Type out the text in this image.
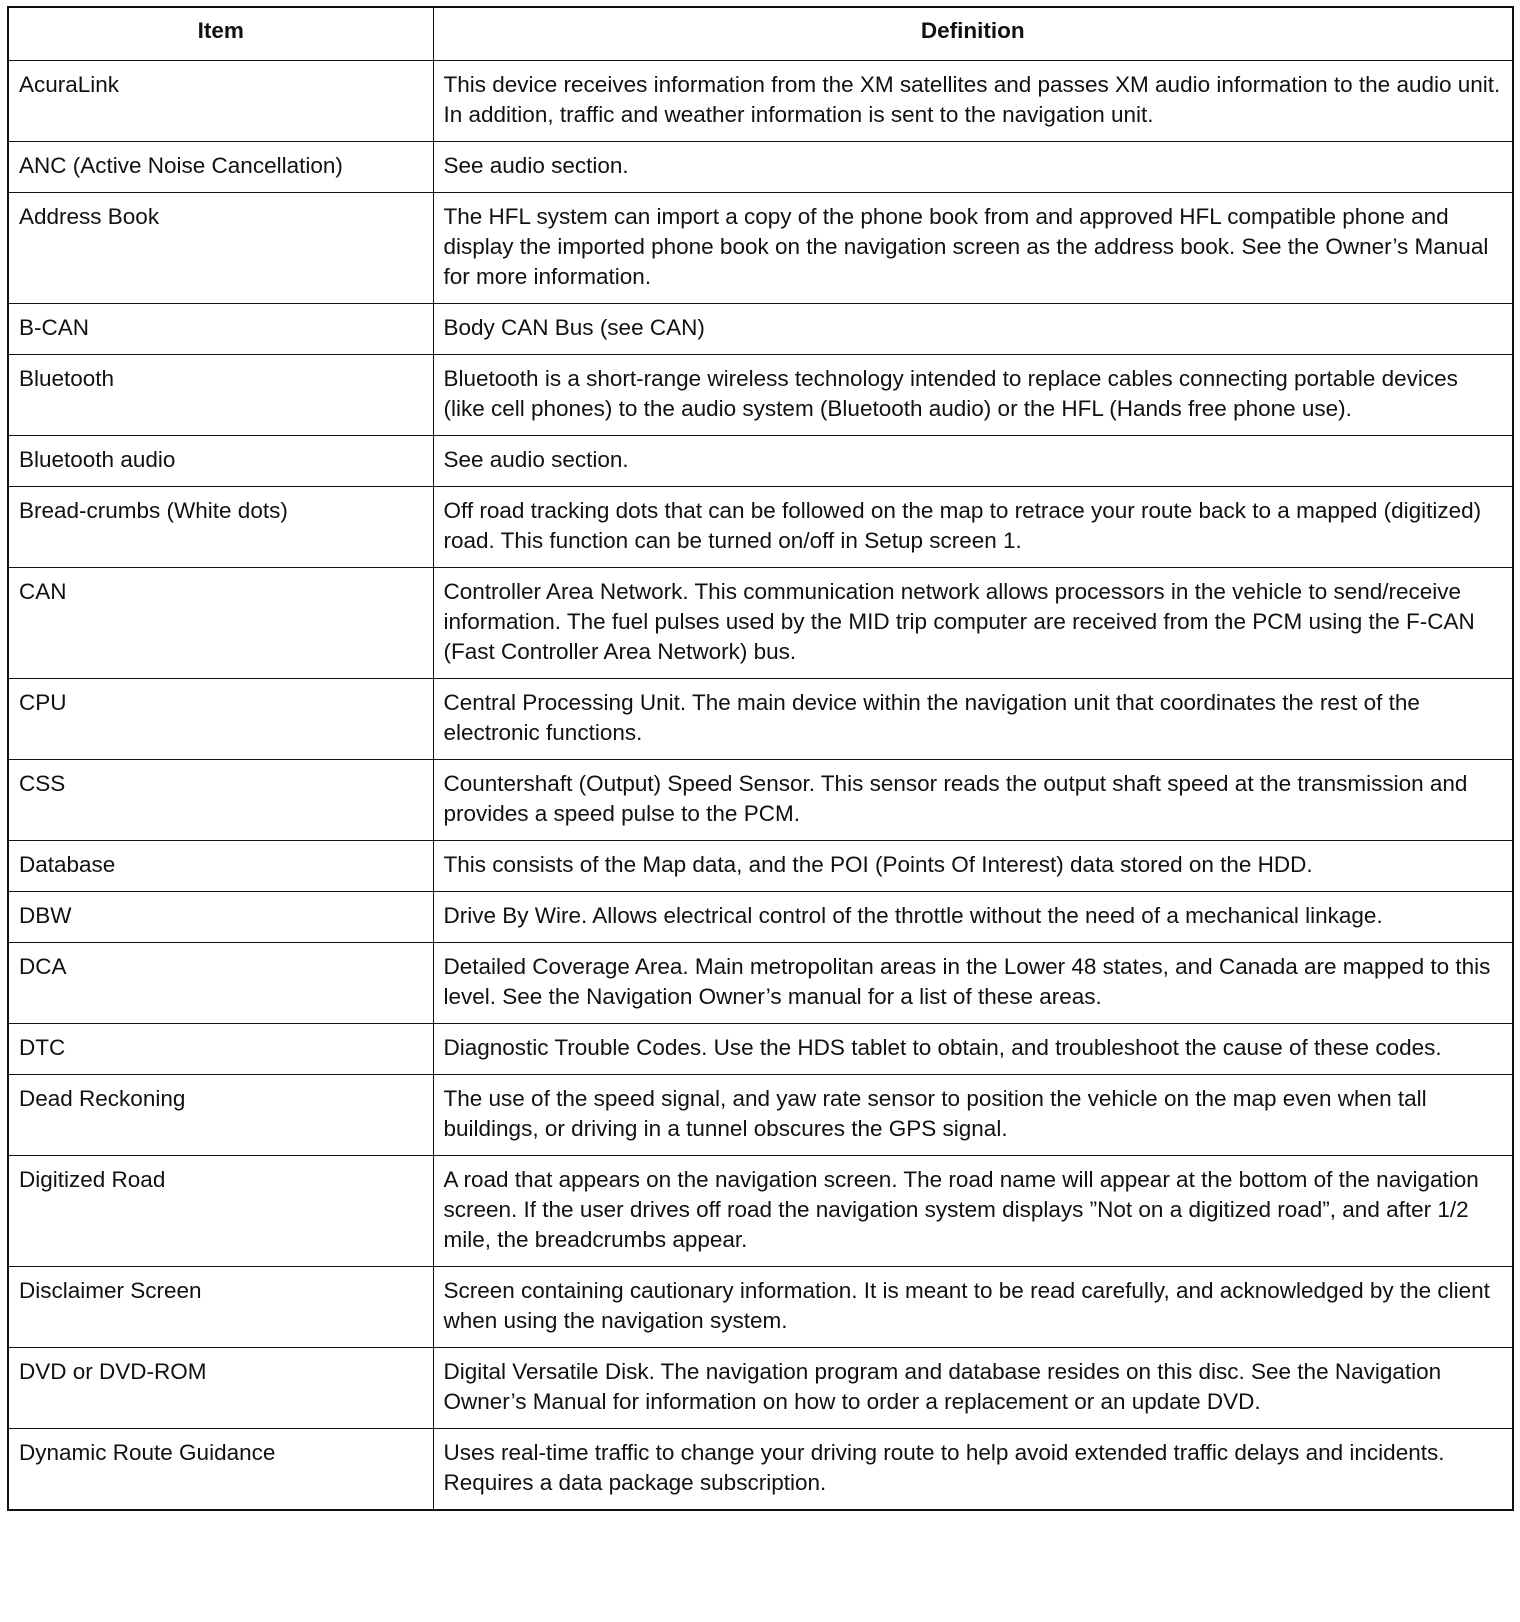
Item	Definition
AcuraLink	This device receives information from the XM satellites and passes XM audio information to the audio unit. In addition, traffic and weather information is sent to the navigation unit.
ANC (Active Noise Cancellation)	See audio section.
Address Book	The HFL system can import a copy of the phone book from and approved HFL compatible phone and display the imported phone book on the navigation screen as the address book. See the Owner’s Manual for more information.
B-CAN	Body CAN Bus (see CAN)
Bluetooth	Bluetooth is a short-range wireless technology intended to replace cables connecting portable devices (like cell phones) to the audio system (Bluetooth audio) or the HFL (Hands free phone use).
Bluetooth audio	See audio section.
Bread-crumbs (White dots)	Off road tracking dots that can be followed on the map to retrace your route back to a mapped (digitized) road. This function can be turned on/off in Setup screen 1.
CAN	Controller Area Network. This communication network allows processors in the vehicle to send/receive information. The fuel pulses used by the MID trip computer are received from the PCM using the F-CAN (Fast Controller Area Network) bus.
CPU	Central Processing Unit. The main device within the navigation unit that coordinates the rest of the electronic functions.
CSS	Countershaft (Output) Speed Sensor. This sensor reads the output shaft speed at the transmission and provides a speed pulse to the PCM.
Database	This consists of the Map data, and the POI (Points Of Interest) data stored on the HDD.
DBW	Drive By Wire. Allows electrical control of the throttle without the need of a mechanical linkage.
DCA	Detailed Coverage Area. Main metropolitan areas in the Lower 48 states, and Canada are mapped to this level. See the Navigation Owner’s manual for a list of these areas.
DTC	Diagnostic Trouble Codes. Use the HDS tablet to obtain, and troubleshoot the cause of these codes.
Dead Reckoning	The use of the speed signal, and yaw rate sensor to position the vehicle on the map even when tall buildings, or driving in a tunnel obscures the GPS signal.
Digitized Road	A road that appears on the navigation screen. The road name will appear at the bottom of the navigation screen. If the user drives off road the navigation system displays ”Not on a digitized road”, and after 1/2 mile, the breadcrumbs appear.
Disclaimer Screen	Screen containing cautionary information. It is meant to be read carefully, and acknowledged by the client when using the navigation system.
DVD or DVD-ROM	Digital Versatile Disk. The navigation program and database resides on this disc. See the Navigation Owner’s Manual for information on how to order a replacement or an update DVD.
Dynamic Route Guidance	Uses real-time traffic to change your driving route to help avoid extended traffic delays and incidents. Requires a data package subscription.
